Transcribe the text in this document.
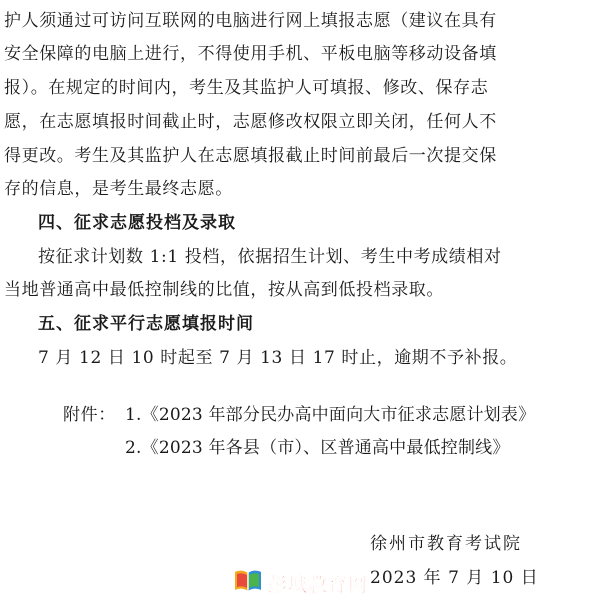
护人须通过可访问互联网的电脑进行网上填报志愿（建议在具有
安全保障的电脑上进行，不得使用手机、平板电脑等移动设备填
报）。在规定的时间内，考生及其监护人可填报、修改、保存志
愿，在志愿填报时间截止时，志愿修改权限立即关闭，任何人不
得更改。考生及其监护人在志愿填报截止时间前最后一次提交保
存的信息，是考生最终志愿。
四、征求志愿投档及录取
按征求计划数 1:1 投档，依据招生计划、考生中考成绩相对
当地普通高中最低控制线的比值，按从高到低投档录取。
五、征求平行志愿填报时间
7 月 12 日 10 时起至 7 月 13 日 17 时止，逾期不予补报。
附件： 1.《2023 年部分民办高中面向大市征求志愿计划表》
2.《2023 年各县（市）、区普通高中最低控制线》
徐州市教育考试院
彭城教育网 2023 年 7 月 10 日
